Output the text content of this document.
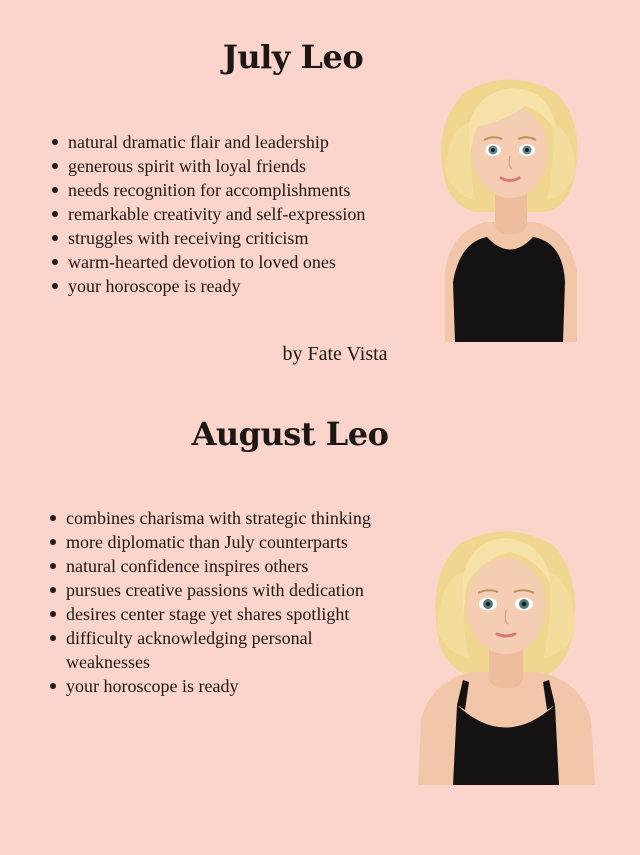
July Leo
natural dramatic flair and leadership
generous spirit with loyal friends
needs recognition for accomplishments
remarkable creativity and self-expression
struggles with receiving criticism
warm-hearted devotion to loved ones
your horoscope is ready
by Fate Vista
August Leo
combines charisma with strategic thinking
more diplomatic than July counterparts
natural confidence inspires others
pursues creative passions with dedication
desires center stage yet shares spotlight
difficulty acknowledging personal weaknesses
your horoscope is ready
